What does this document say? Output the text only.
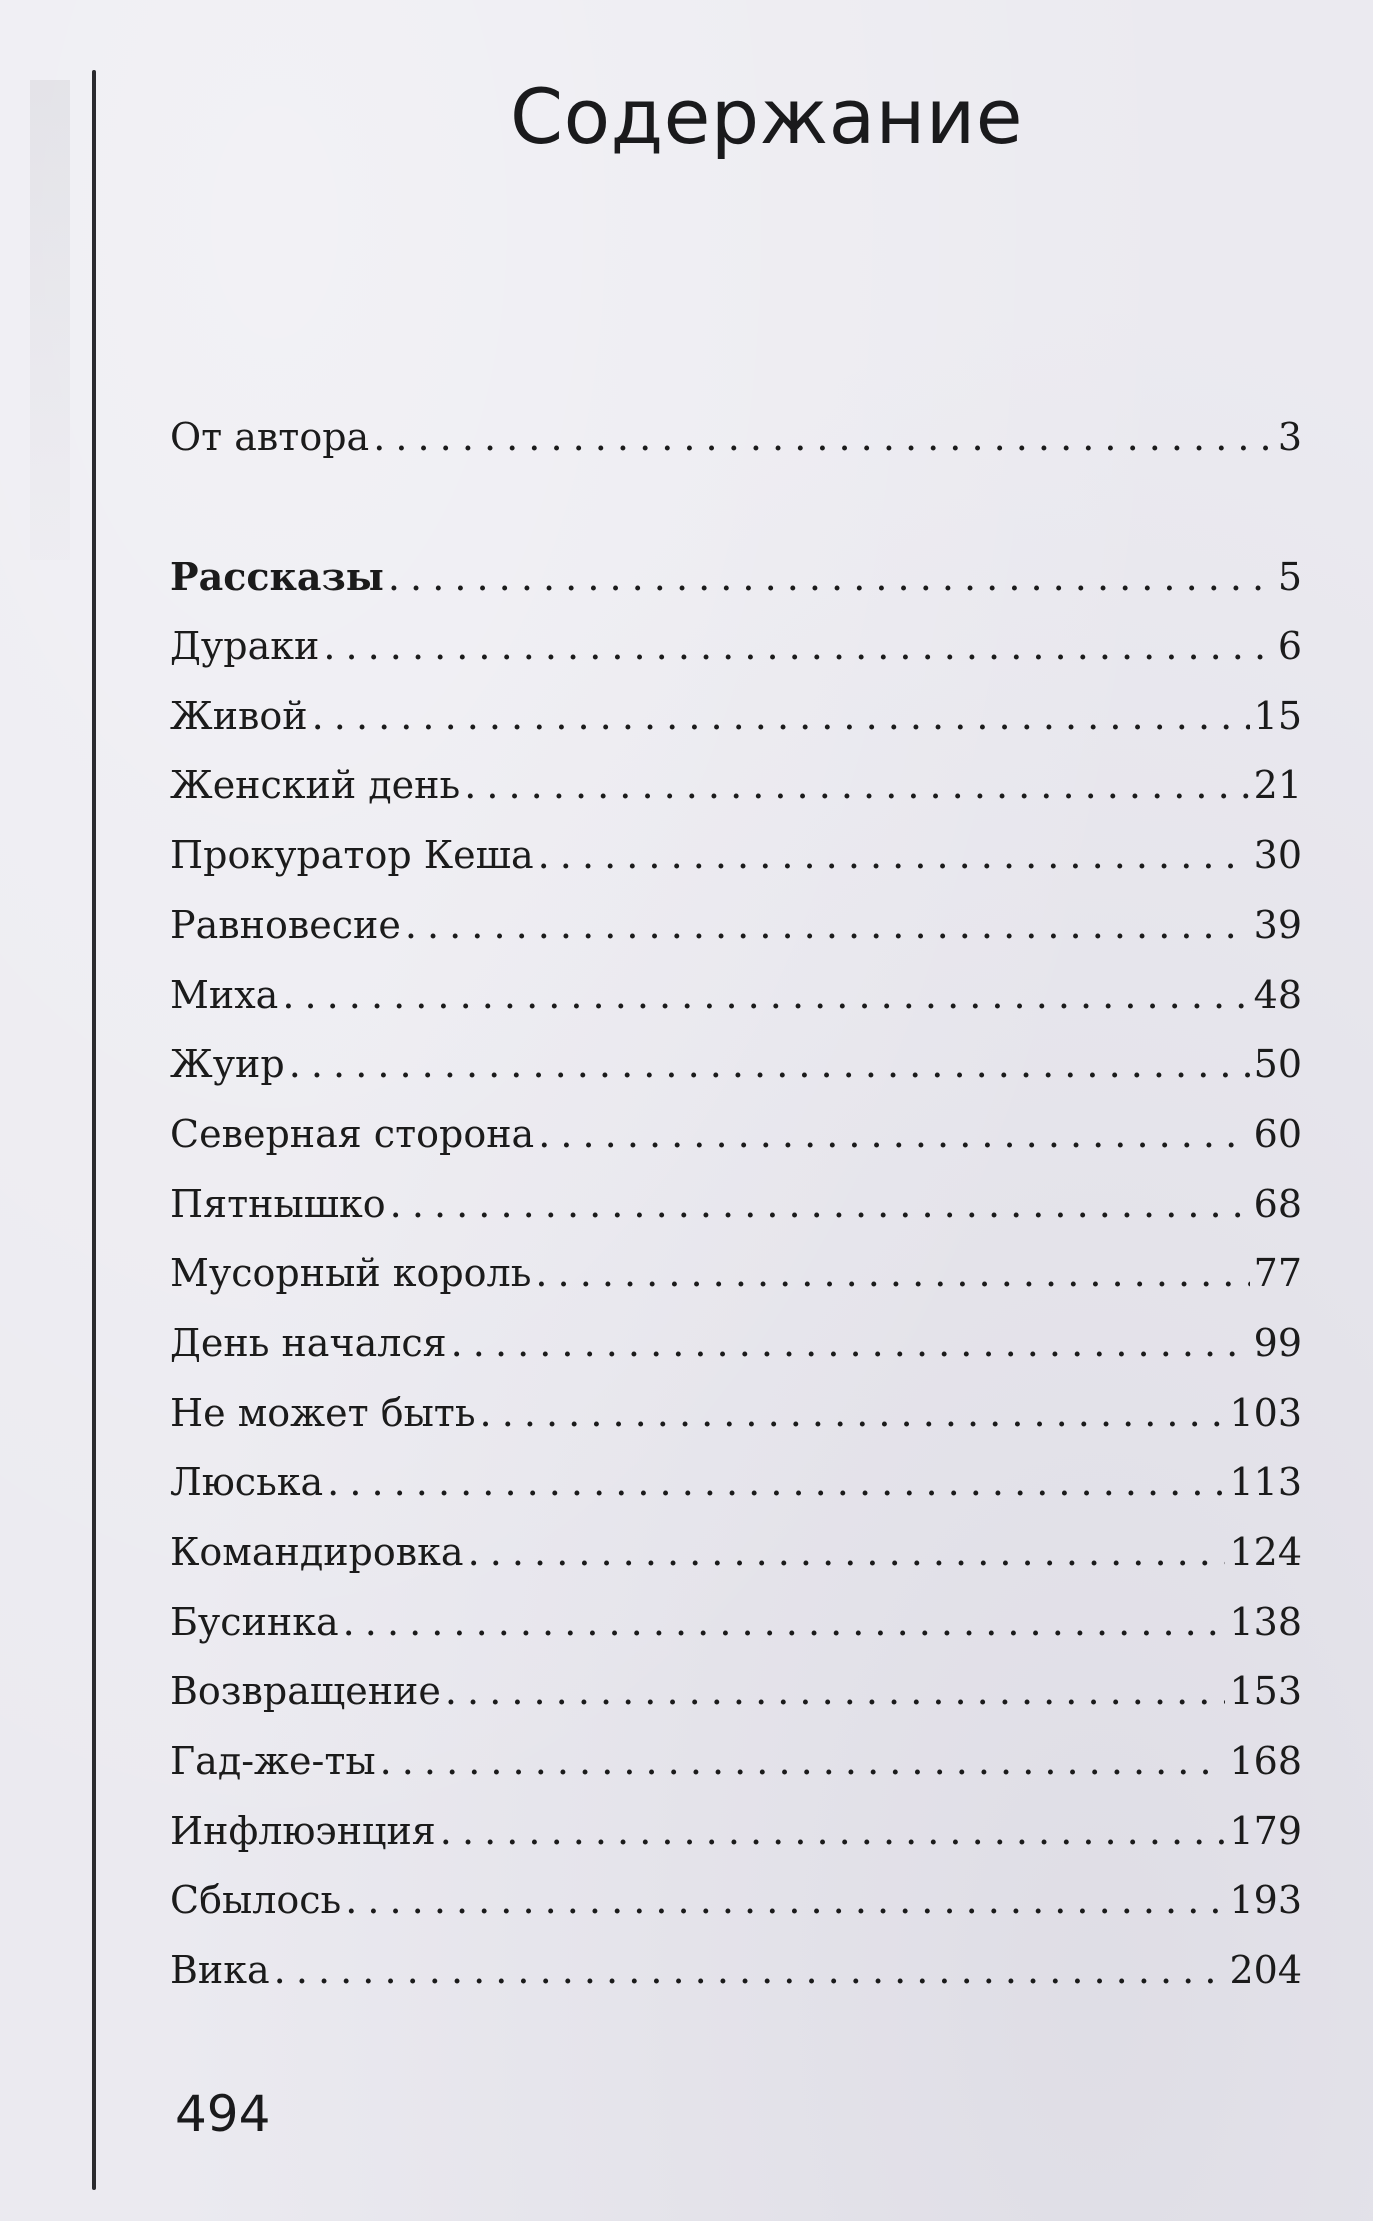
Содержание
От автора . . .	3
Рассказы . . .	5
Дураки . . .	6
Живой . . .	15
Женский день . . .	21
Прокуратор Кеша . . .	30
Равновесие . . .	39
Миха . . .	48
Жуир . . .	50
Северная сторона . . .	60
Пятнышко . . .	68
Мусорный король . . .	77
День начался . . .	99
Не может быть . . .	103
Люська . . .	113
Командировка . . .	124
Бусинка . . .	138
Возвращение . . .	153
Гад-же-ты . . .	168
Инфлюэнция . . .	179
Сбылось . . .	193
Вика . . .	204
494
